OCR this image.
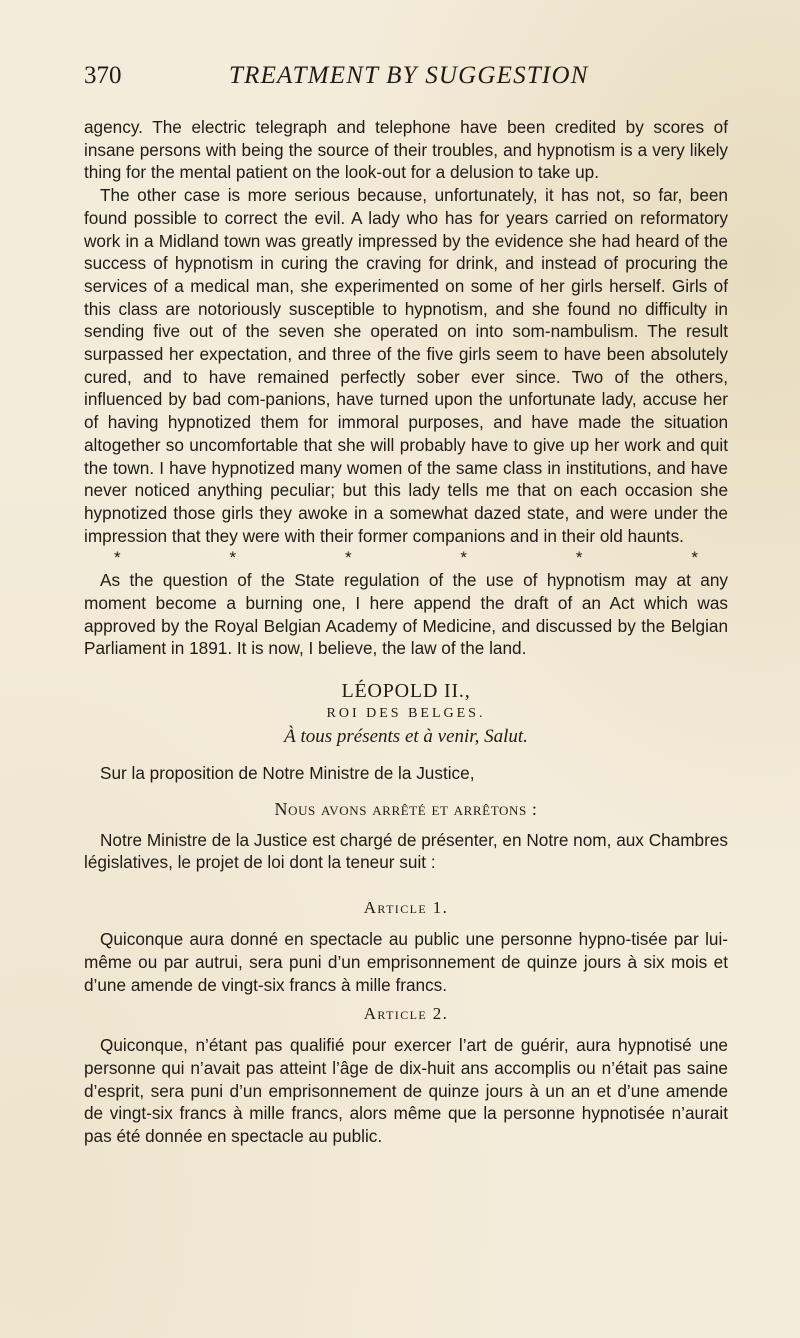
370	TREATMENT BY SUGGESTION

agency. The electric telegraph and telephone have been credited by scores of insane persons with being the source of their troubles, and hypnotism is a very likely thing for the mental patient on the look-out for a delusion to take up.

The other case is more serious because, unfortunately, it has not, so far, been found possible to correct the evil. A lady who has for years carried on reformatory work in a Midland town was greatly impressed by the evidence she had heard of the success of hypnotism in curing the craving for drink, and instead of procuring the services of a medical man, she experimented on some of her girls herself. Girls of this class are notoriously susceptible to hypnotism, and she found no difficulty in sending five out of the seven she operated on into som-nambulism. The result surpassed her expectation, and three of the five girls seem to have been absolutely cured, and to have remained perfectly sober ever since. Two of the others, influenced by bad com-panions, have turned upon the unfortunate lady, accuse her of having hypnotized them for immoral purposes, and have made the situation altogether so uncomfortable that she will probably have to give up her work and quit the town. I have hypnotized many women of the same class in institutions, and have never noticed anything peculiar; but this lady tells me that on each occasion she hypnotized those girls they awoke in a somewhat dazed state, and were under the impression that they were with their former companions and in their old haunts.

*	*	*	*	*	*

As the question of the State regulation of the use of hypnotism may at any moment become a burning one, I here append the draft of an Act which was approved by the Royal Belgian Academy of Medicine, and discussed by the Belgian Parliament in 1891. It is now, I believe, the law of the land.

LÉOPOLD II.,

ROI DES BELGES.

À tous présents et à venir, Salut.

Sur la proposition de Notre Ministre de la Justice,

Nous avons arrêté et arrêtons :

Notre Ministre de la Justice est chargé de présenter, en Notre nom, aux Chambres législatives, le projet de loi dont la teneur suit :

Article 1.

Quiconque aura donné en spectacle au public une personne hypno-tisée par lui-même ou par autrui, sera puni d’un emprisonnement de quinze jours à six mois et d’une amende de vingt-six francs à mille francs.

Article 2.

Quiconque, n’étant pas qualifié pour exercer l’art de guérir, aura hypnotisé une personne qui n’avait pas atteint l’âge de dix-huit ans accomplis ou n’était pas saine d’esprit, sera puni d’un emprisonnement de quinze jours à un an et d’une amende de vingt-six francs à mille francs, alors même que la personne hypnotisée n’aurait pas été donnée en spectacle au public.
